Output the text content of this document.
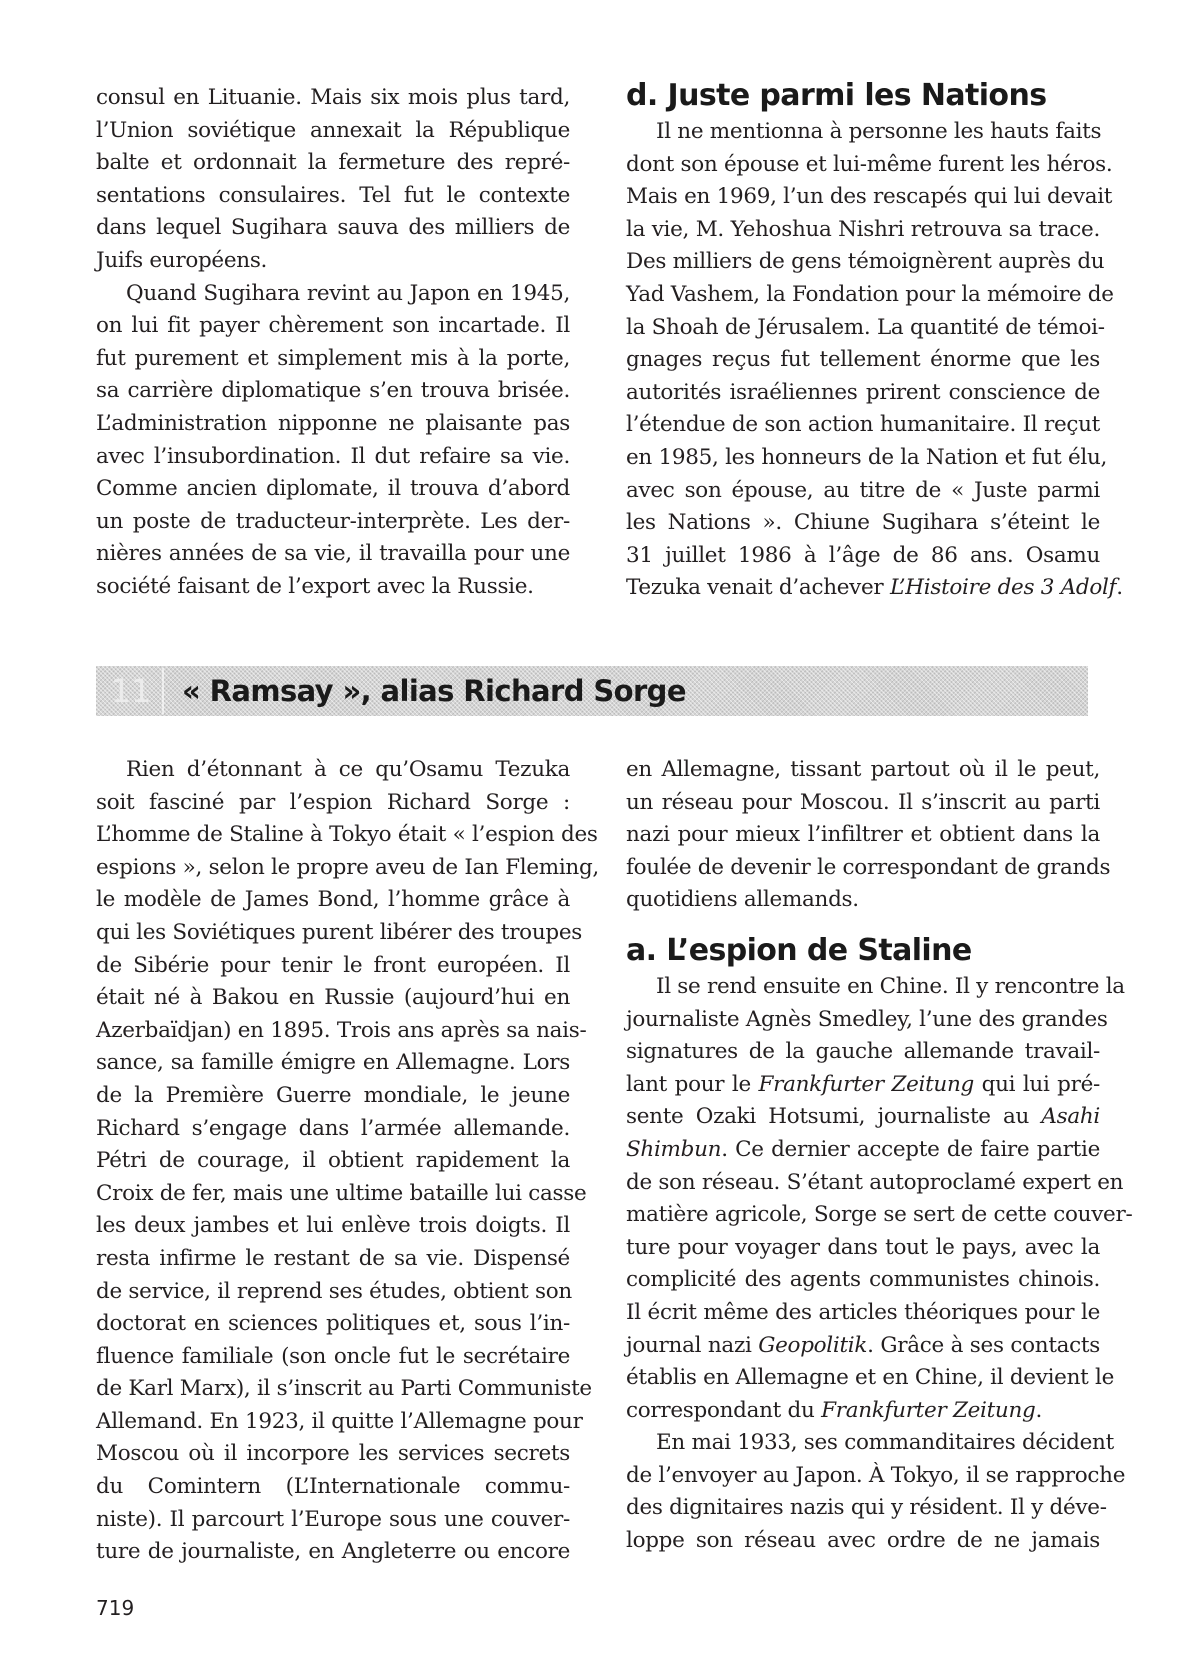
consul en Lituanie. Mais six mois plus tard,
l’Union soviétique annexait la République
balte et ordonnait la fermeture des repré-
sentations consulaires. Tel fut le contexte
dans lequel Sugihara sauva des milliers de
Juifs européens.
Quand Sugihara revint au Japon en 1945,
on lui fit payer chèrement son incartade. Il
fut purement et simplement mis à la porte,
sa carrière diplomatique s’en trouva brisée.
L’administration nipponne ne plaisante pas
avec l’insubordination. Il dut refaire sa vie.
Comme ancien diplomate, il trouva d’abord
un poste de traducteur-interprète. Les der-
nières années de sa vie, il travailla pour une
société faisant de l’export avec la Russie.
d. Juste parmi les Nations
Il ne mentionna à personne les hauts faits
dont son épouse et lui-même furent les héros.
Mais en 1969, l’un des rescapés qui lui devait
la vie, M. Yehoshua Nishri retrouva sa trace.
Des milliers de gens témoignèrent auprès du
Yad Vashem, la Fondation pour la mémoire de
la Shoah de Jérusalem. La quantité de témoi-
gnages reçus fut tellement énorme que les
autorités israéliennes prirent conscience de
l’étendue de son action humanitaire. Il reçut
en 1985, les honneurs de la Nation et fut élu,
avec son épouse, au titre de « Juste parmi
les Nations ». Chiune Sugihara s’éteint le
31 juillet 1986 à l’âge de 86 ans. Osamu
Tezuka venait d’achever L’Histoire des 3 Adolf.
11	« Ramsay », alias Richard Sorge
Rien d’étonnant à ce qu’Osamu Tezuka
soit fasciné par l’espion Richard Sorge :
L’homme de Staline à Tokyo était « l’espion des
espions », selon le propre aveu de Ian Fleming,
le modèle de James Bond, l’homme grâce à
qui les Soviétiques purent libérer des troupes
de Sibérie pour tenir le front européen. Il
était né à Bakou en Russie (aujourd’hui en
Azerbaïdjan) en 1895. Trois ans après sa nais-
sance, sa famille émigre en Allemagne. Lors
de la Première Guerre mondiale, le jeune
Richard s’engage dans l’armée allemande.
Pétri de courage, il obtient rapidement la
Croix de fer, mais une ultime bataille lui casse
les deux jambes et lui enlève trois doigts. Il
resta infirme le restant de sa vie. Dispensé
de service, il reprend ses études, obtient son
doctorat en sciences politiques et, sous l’in-
fluence familiale (son oncle fut le secrétaire
de Karl Marx), il s’inscrit au Parti Communiste
Allemand. En 1923, il quitte l’Allemagne pour
Moscou où il incorpore les services secrets
du Comintern (L’Internationale commu-
niste). Il parcourt l’Europe sous une couver-
ture de journaliste, en Angleterre ou encore
en Allemagne, tissant partout où il le peut,
un réseau pour Moscou. Il s’inscrit au parti
nazi pour mieux l’infiltrer et obtient dans la
foulée de devenir le correspondant de grands
quotidiens allemands.
a. L’espion de Staline
Il se rend ensuite en Chine. Il y rencontre la
journaliste Agnès Smedley, l’une des grandes
signatures de la gauche allemande travail-
lant pour le Frankfurter Zeitung qui lui pré-
sente Ozaki Hotsumi, journaliste au Asahi
Shimbun. Ce dernier accepte de faire partie
de son réseau. S’étant autoproclamé expert en
matière agricole, Sorge se sert de cette couver-
ture pour voyager dans tout le pays, avec la
complicité des agents communistes chinois.
Il écrit même des articles théoriques pour le
journal nazi Geopolitik. Grâce à ses contacts
établis en Allemagne et en Chine, il devient le
correspondant du Frankfurter Zeitung.
En mai 1933, ses commanditaires décident
de l’envoyer au Japon. À Tokyo, il se rapproche
des dignitaires nazis qui y résident. Il y déve-
loppe son réseau avec ordre de ne jamais
719
